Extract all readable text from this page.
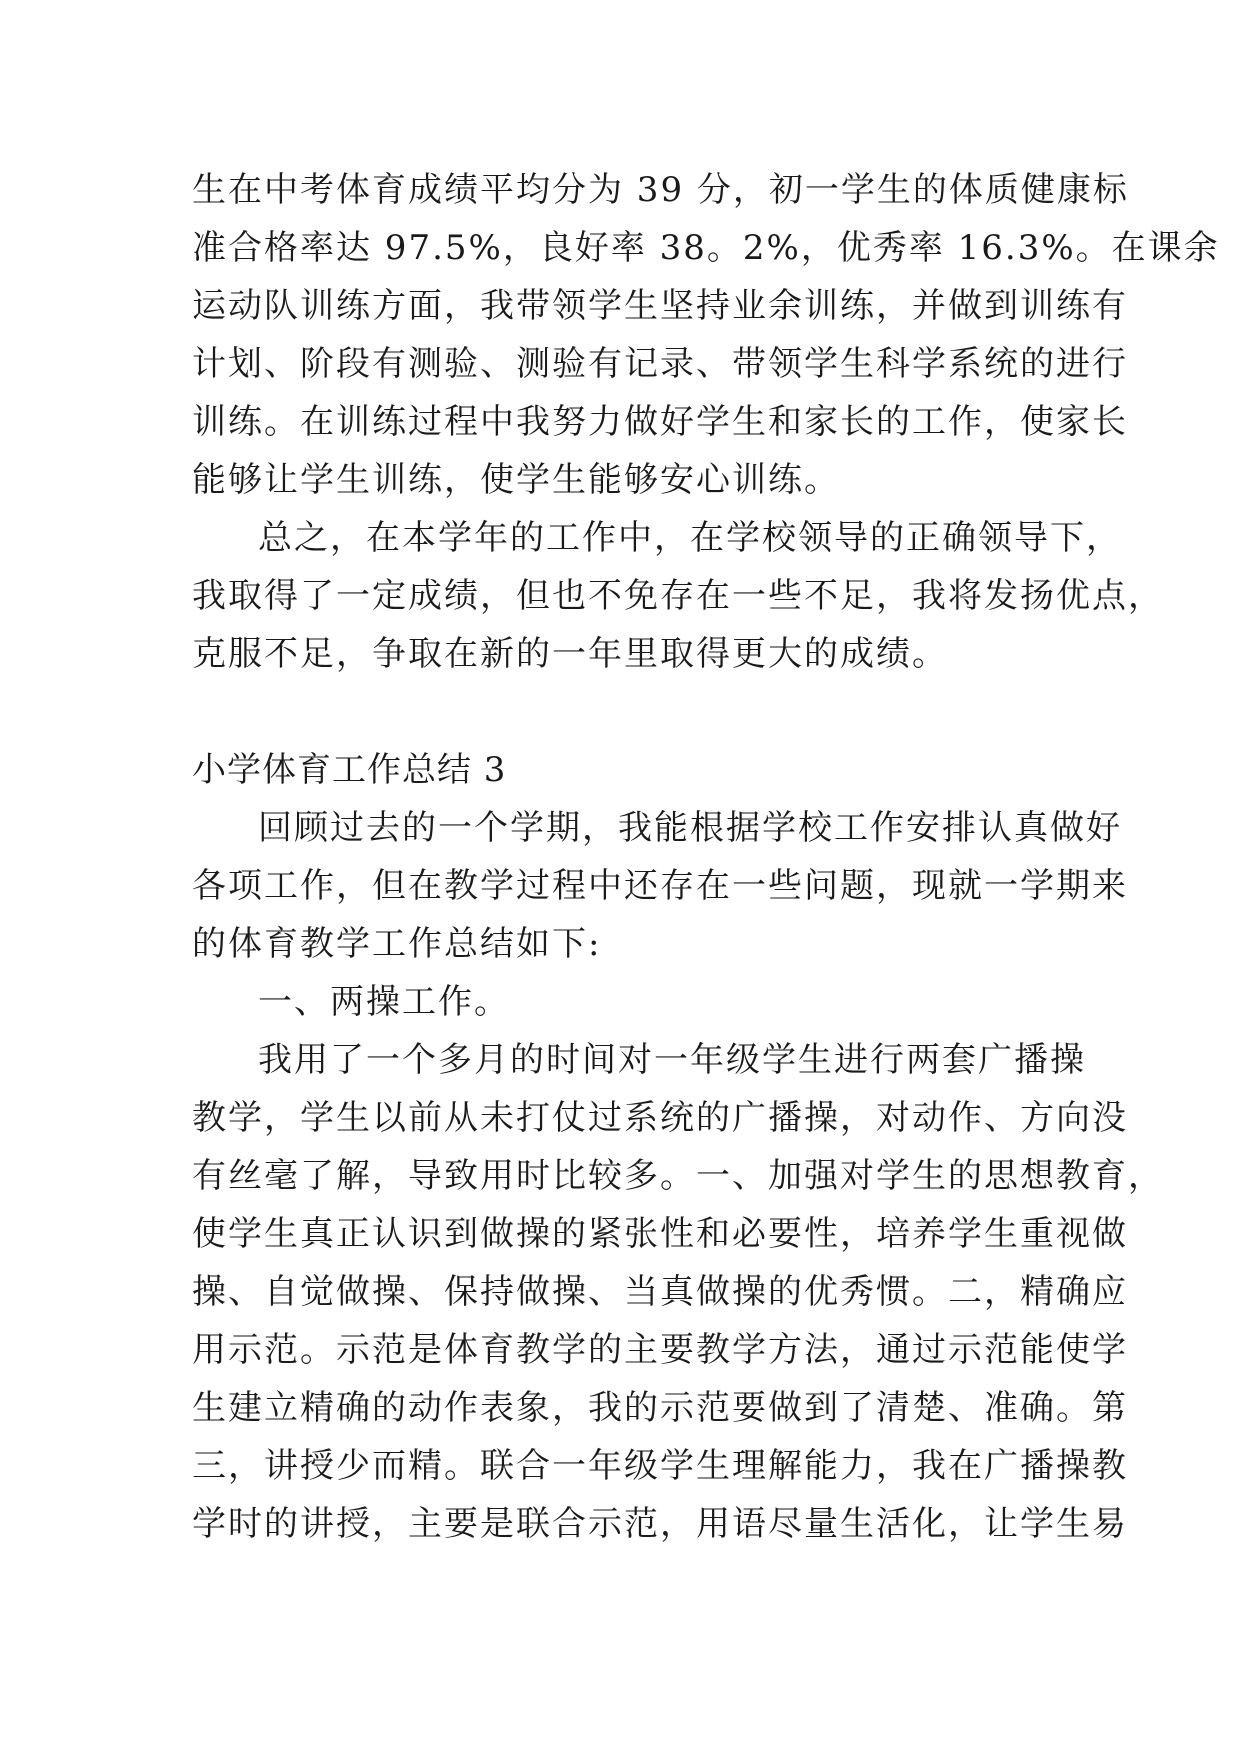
生在中考体育成绩平均分为 39 分，初一学生的体质健康标
准合格率达 97.5%，良好率 38。2%，优秀率 16.3%。在课余
运动队训练方面，我带领学生坚持业余训练，并做到训练有
计划、阶段有测验、测验有记录、带领学生科学系统的进行
训练。在训练过程中我努力做好学生和家长的工作，使家长
能够让学生训练，使学生能够安心训练。
总之，在本学年的工作中，在学校领导的正确领导下，
我取得了一定成绩，但也不免存在一些不足，我将发扬优点，
克服不足，争取在新的一年里取得更大的成绩。
小学体育工作总结 3
回顾过去的一个学期，我能根据学校工作安排认真做好
各项工作，但在教学过程中还存在一些问题，现就一学期来
的体育教学工作总结如下:
一、两操工作。
我用了一个多月的时间对一年级学生进行两套广播操
教学，学生以前从未打仗过系统的广播操，对动作、方向没
有丝毫了解，导致用时比较多。一、加强对学生的思想教育，
使学生真正认识到做操的紧张性和必要性，培养学生重视做
操、自觉做操、保持做操、当真做操的优秀惯。二，精确应
用示范。示范是体育教学的主要教学方法，通过示范能使学
生建立精确的动作表象，我的示范要做到了清楚、准确。第
三，讲授少而精。联合一年级学生理解能力，我在广播操教
学时的讲授，主要是联合示范，用语尽量生活化，让学生易
